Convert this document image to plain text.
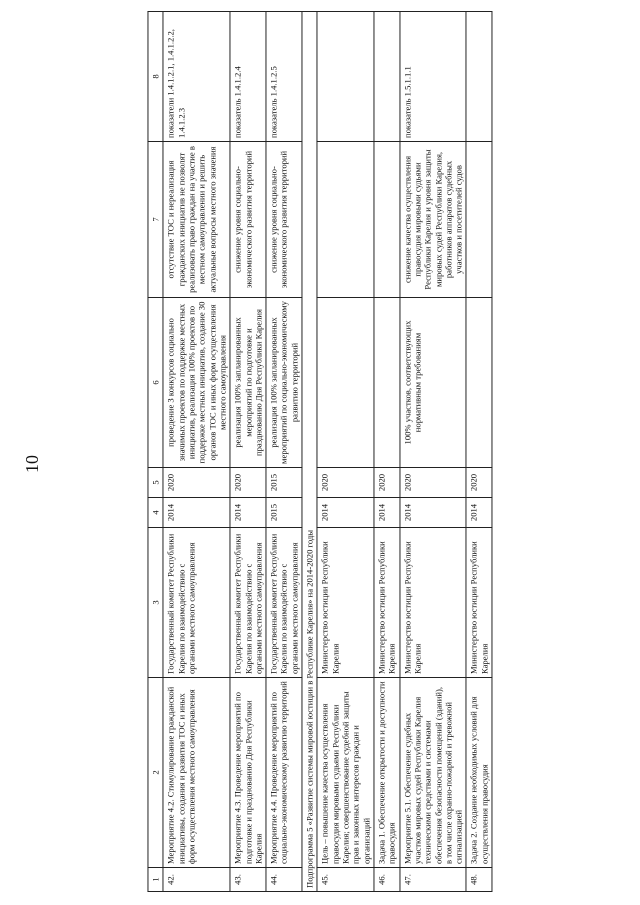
10
1	2	3	4	5	6	7	8
42.	Мероприятие 4.2. Стимулирование гражданской инициативы, создания и развития ТОС и иных форм осуществления местного самоуправления	Государственный комитет Республики Карелия по взаимодействию с органами местного самоуправления	2014	2020	проведение 3 конкурсов социально значимых проектов по поддержке местных инициатив, реализация 100% проектов по поддержке местных инициатив, создание 30 органов ТОС и иных форм осуществления местного самоуправления	отсутствие ТОС и нереализация гражданских инициатив не позволят реализовать право граждан на участие в местном самоуправлении и решить актуальные вопросы местного значения	показатели 1.4.1.2.1, 1.4.1.2.2, 1.4.1.2.3
43.	Мероприятие 4.3. Проведение мероприятий по подготовке и празднованию Дня Республики Карелия	Государственный комитет Республики Карелия по взаимодействию с органами местного самоуправления	2014	2020	реализация 100% запланированных мероприятий по подготовке и празднованию Дня Республики Карелия	снижение уровня социально-экономического развития территорий	показатель 1.4.1.2.4
44.	Мероприятие 4.4. Проведение мероприятий по социально-экономическому развитию территорий	Государственный комитет Республики Карелия по взаимодействию с органами местного самоуправления	2015	2015	реализация 100% запланированных мероприятий по социально-экономическому развитию территорий	снижение уровня социально-экономического развития территорий	показатель 1.4.1.2.5
Подпрограмма 5 «Развитие системы мировой юстиции в Республике Карелия» на 2014-2020 годы							
45.	Цель – повышение качества осуществления правосудия мировыми судьями Республики Карелия; совершенствование судебной защиты прав и законных интересов граждан и организаций	Министерство юстиции Республики Карелия	2014	2020			
46.	Задача 1. Обеспечение открытости и доступности правосудия	Министерство юстиции Республики Карелия	2014	2020			
47.	Мероприятие 5.1. Обеспечение судебных участков мировых судей Республики Карелия техническими средствами и системами обеспечения безопасности помещений (зданий), в том числе охранно-пожарной и тревожной сигнализацией	Министерство юстиции Республики Карелия	2014	2020	100% участков, соответствующих нормативным требованиям	снижение качества осуществления правосудия мировыми судьями Республики Карелия и уровня защиты мировых судей Республики Карелия, работников аппаратов судебных участков и посетителей судов	показатель 1.5.1.1.1
48.	Задача 2. Создание необходимых условий для осуществления правосудия	Министерство юстиции Республики Карелия	2014	2020			
